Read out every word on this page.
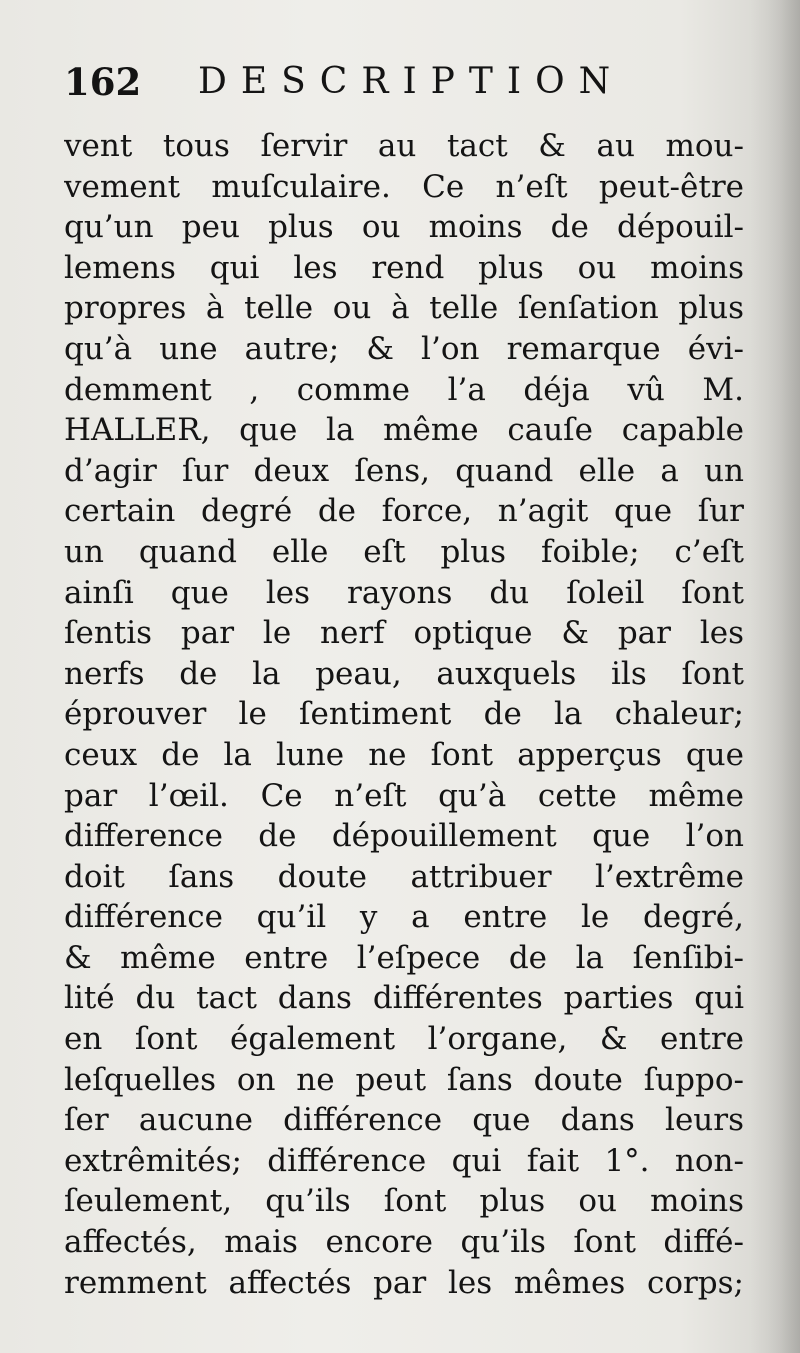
162 DESCRIPTION
vent tous ſervir au tact & au mou-
vement muſculaire. Ce n’eſt peut-être
qu’un peu plus ou moins de dépouil-
lemens qui les rend plus ou moins
propres à telle ou à telle ſenſation plus
qu’à une autre; & l’on remarque évi-
demment , comme l’a déja vû M.
HALLER, que la même cauſe capable
d’agir ſur deux ſens, quand elle a un
certain degré de force, n’agit que ſur
un quand elle eſt plus foible; c’eſt
ainſi que les rayons du ſoleil ſont
ſentis par le nerf optique & par les
nerfs de la peau, auxquels ils ſont
éprouver le ſentiment de la chaleur;
ceux de la lune ne ſont apperçus que
par l’œil. Ce n’eſt qu’à cette même
difference de dépouillement que l’on
doit ſans doute attribuer l’extrême
différence qu’il y a entre le degré,
& même entre l’eſpece de la ſenſibi-
lité du tact dans différentes parties qui
en ſont également l’organe, & entre
leſquelles on ne peut ſans doute ſuppo-
ſer aucune différence que dans leurs
extrêmités; différence qui fait 1°. non-
ſeulement, qu’ils ſont plus ou moins
affectés, mais encore qu’ils ſont diffé-
remment affectés par les mêmes corps;
